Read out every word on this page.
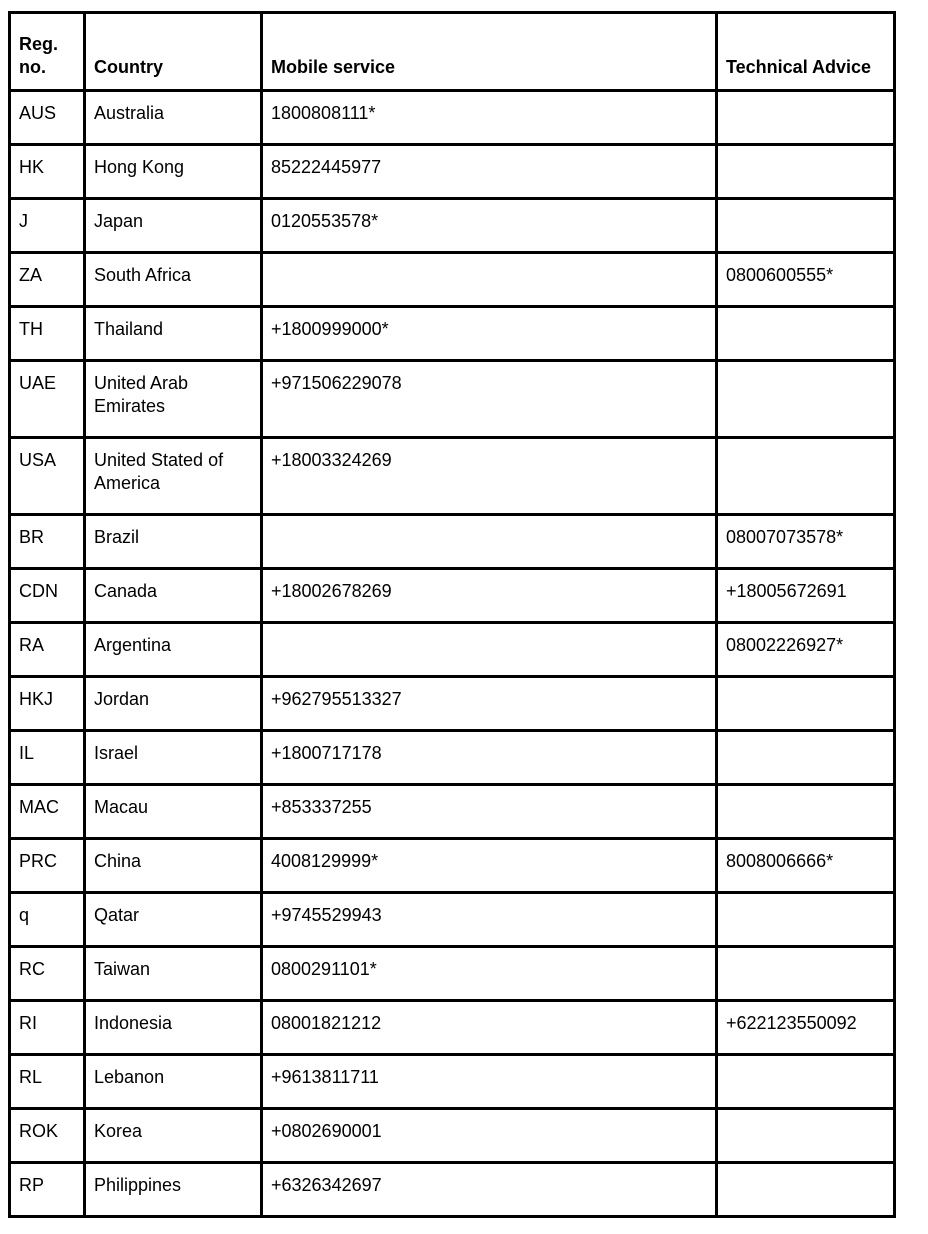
Reg. no.	Country	Mobile service	Technical Advice
AUS	Australia	1800808111*	
HK	Hong Kong	85222445977	
J	Japan	0120553578*	
ZA	South Africa		0800600555*
TH	Thailand	+1800999000*	
UAE	United Arab Emirates	+971506229078	
USA	United Stated of America	+18003324269	
BR	Brazil		08007073578*
CDN	Canada	+18002678269	+18005672691
RA	Argentina		08002226927*
HKJ	Jordan	+962795513327	
IL	Israel	+1800717178	
MAC	Macau	+853337255	
PRC	China	4008129999*	8008006666*
q	Qatar	+9745529943	
RC	Taiwan	0800291101*	
RI	Indonesia	08001821212	+622123550092
RL	Lebanon	+9613811711	
ROK	Korea	+0802690001	
RP	Philippines	+6326342697	
